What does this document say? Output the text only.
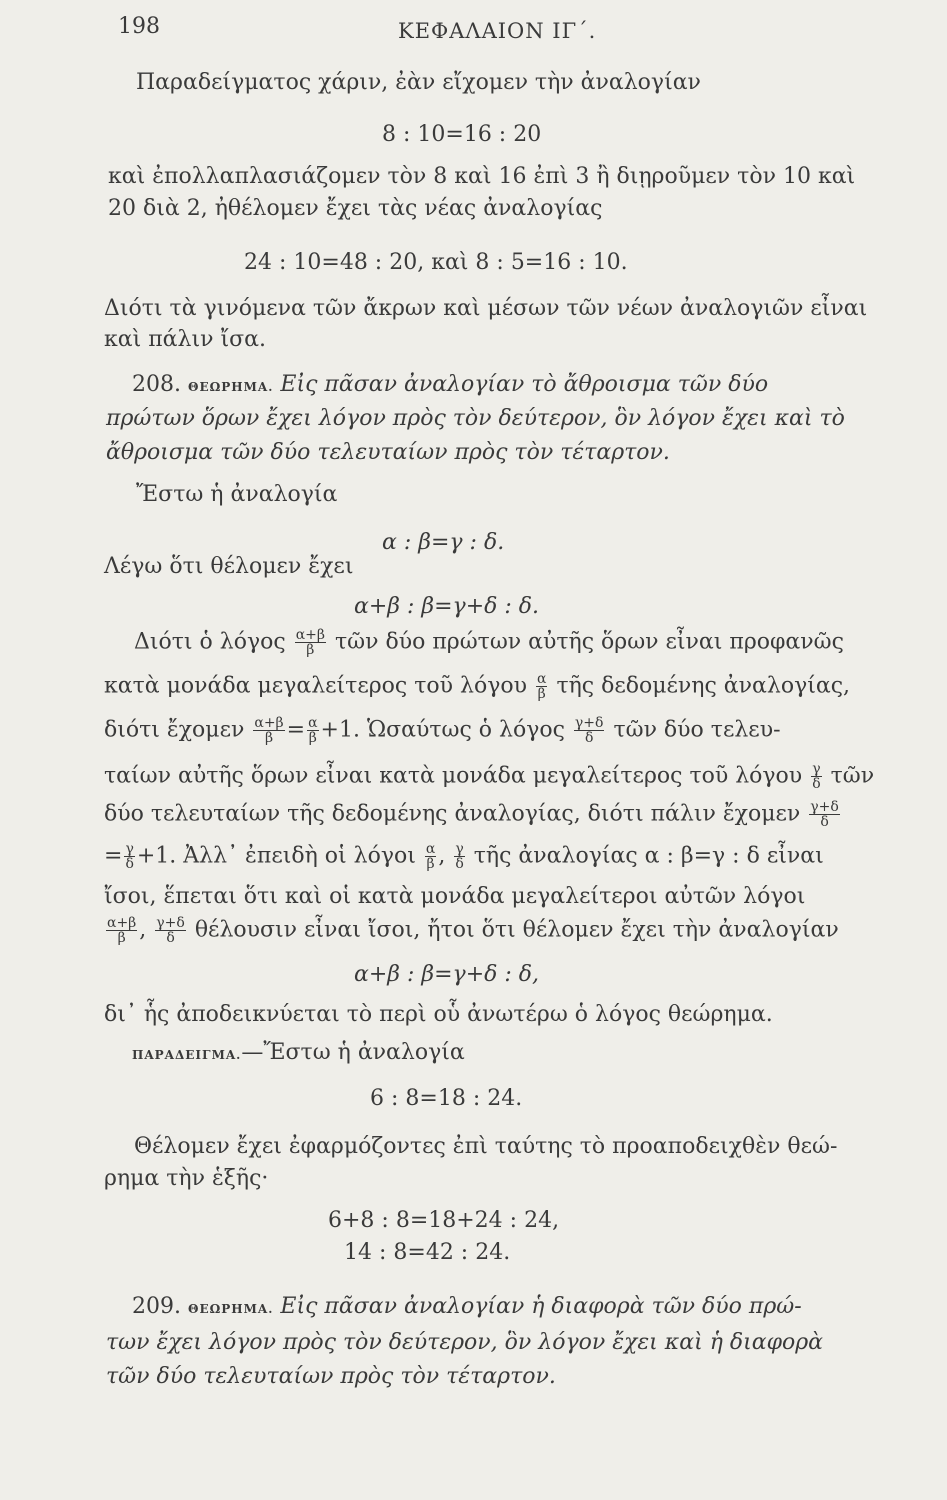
198	ΚΕΦΑΛΑΙΟΝ ΙΓ΄.
Παραδείγματος χάριν, ἐὰν εἴχομεν τὴν ἀναλογίαν
8 : 10=16 : 20
καὶ ἐπολλαπλασιάζομεν τὸν 8 καὶ 16 ἐπὶ 3 ἢ διῃροῦμεν τὸν 10 καὶ
20 διὰ 2, ἠθέλομεν ἔχει τὰς νέας ἀναλογίας
24 : 10=48 : 20, καὶ 8 : 5=16 : 10.
Διότι τὰ γινόμενα τῶν ἄκρων καὶ μέσων τῶν νέων ἀναλογιῶν εἶναι
καὶ πάλιν ἴσα.
208. ΘΕΩΡΗΜΑ. Εἰς πᾶσαν ἀναλογίαν τὸ ἄθροισμα τῶν δύο
πρώτων ὅρων ἔχει λόγον πρὸς τὸν δεύτερον, ὃν λόγον ἔχει καὶ τὸ
ἄθροισμα τῶν δύο τελευταίων πρὸς τὸν τέταρτον.
Ἔστω ἡ ἀναλογία
α : β=γ : δ.
Λέγω ὅτι θέλομεν ἔχει
α+β : β=γ+δ : δ.
Διότι ὁ λόγος $\frac{\alpha+\beta}{\beta}$ τῶν δύο πρώτων αὐτῆς ὅρων εἶναι προφανῶς
κατὰ μονάδα μεγαλείτερος τοῦ λόγου $\frac{\alpha}{\beta}$ τῆς δεδομένης ἀναλογίας,
διότι ἔχομεν $\frac{\alpha+\beta}{\beta} = \frac{\alpha}{\beta} +1$. Ὡσαύτως ὁ λόγος $\frac{\gamma+\delta}{\delta}$ τῶν δύο τελευ-
ταίων αὐτῆς ὅρων εἶναι κατὰ μονάδα μεγαλείτερος τοῦ λόγου $\frac{\gamma}{\delta}$ τῶν
δύο τελευταίων τῆς δεδομένης ἀναλογίας, διότι πάλιν ἔχομεν $\frac{\gamma+\delta}{\delta}$
= $\frac{\gamma}{\delta} +1$. Ἀλλ᾽ ἐπειδὴ οἱ λόγοι $\frac{\alpha}{\beta}$ , $\frac{\gamma}{\delta}$ τῆς ἀναλογίας α : β=γ : δ εἶναι
ἴσοι, ἕπεται ὅτι καὶ οἱ κατὰ μονάδα μεγαλείτεροι αὐτῶν λόγοι
$\frac{\alpha+\beta}{\beta}$ , $\frac{\gamma+\delta}{\delta}$ θέλουσιν εἶναι ἴσοι, ἤτοι ὅτι θέλομεν ἔχει τὴν ἀναλογίαν
α+β : β=γ+δ : δ,
δι᾽ ἧς ἀποδεικνύεται τὸ περὶ οὗ ἀνωτέρω ὁ λόγος θεώρημα.
ΠΑΡΑΔΕΙΓΜΑ.—Ἔστω ἡ ἀναλογία
6 : 8=18 : 24.
Θέλομεν ἔχει ἐφαρμόζοντες ἐπὶ ταύτης τὸ προαποδειχθὲν θεώ-
ρημα τὴν ἑξῆς·
6+8 : 8=18+24 : 24,
14 : 8=42 : 24.
209. ΘΕΩΡΗΜΑ. Εἰς πᾶσαν ἀναλογίαν ἡ διαφορὰ τῶν δύο πρώ-
των ἔχει λόγον πρὸς τὸν δεύτερον, ὃν λόγον ἔχει καὶ ἡ διαφορὰ
τῶν δύο τελευταίων πρὸς τὸν τέταρτον.
